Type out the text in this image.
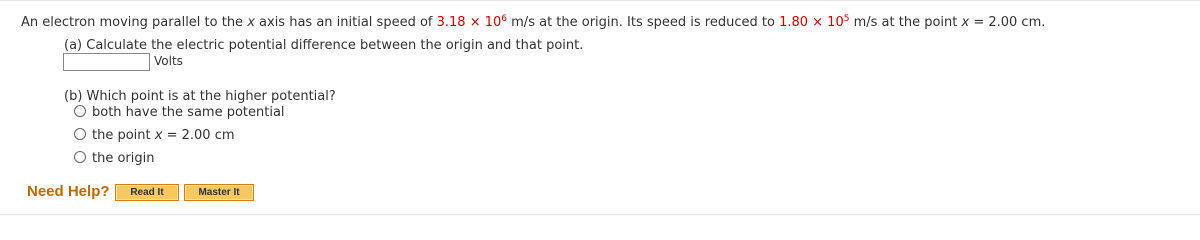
An electron moving parallel to the x axis has an initial speed of $3.18 \times 10^6$ m/s at the origin. Its speed is reduced to $1.80 \times 10^5$ m/s at the point x = 2.00 cm.
(a) Calculate the electric potential difference between the origin and that point.
Volts
(b) Which point is at the higher potential?
both have the same potential
the point x = 2.00 cm
the origin
Need Help?	Read It	Master It
